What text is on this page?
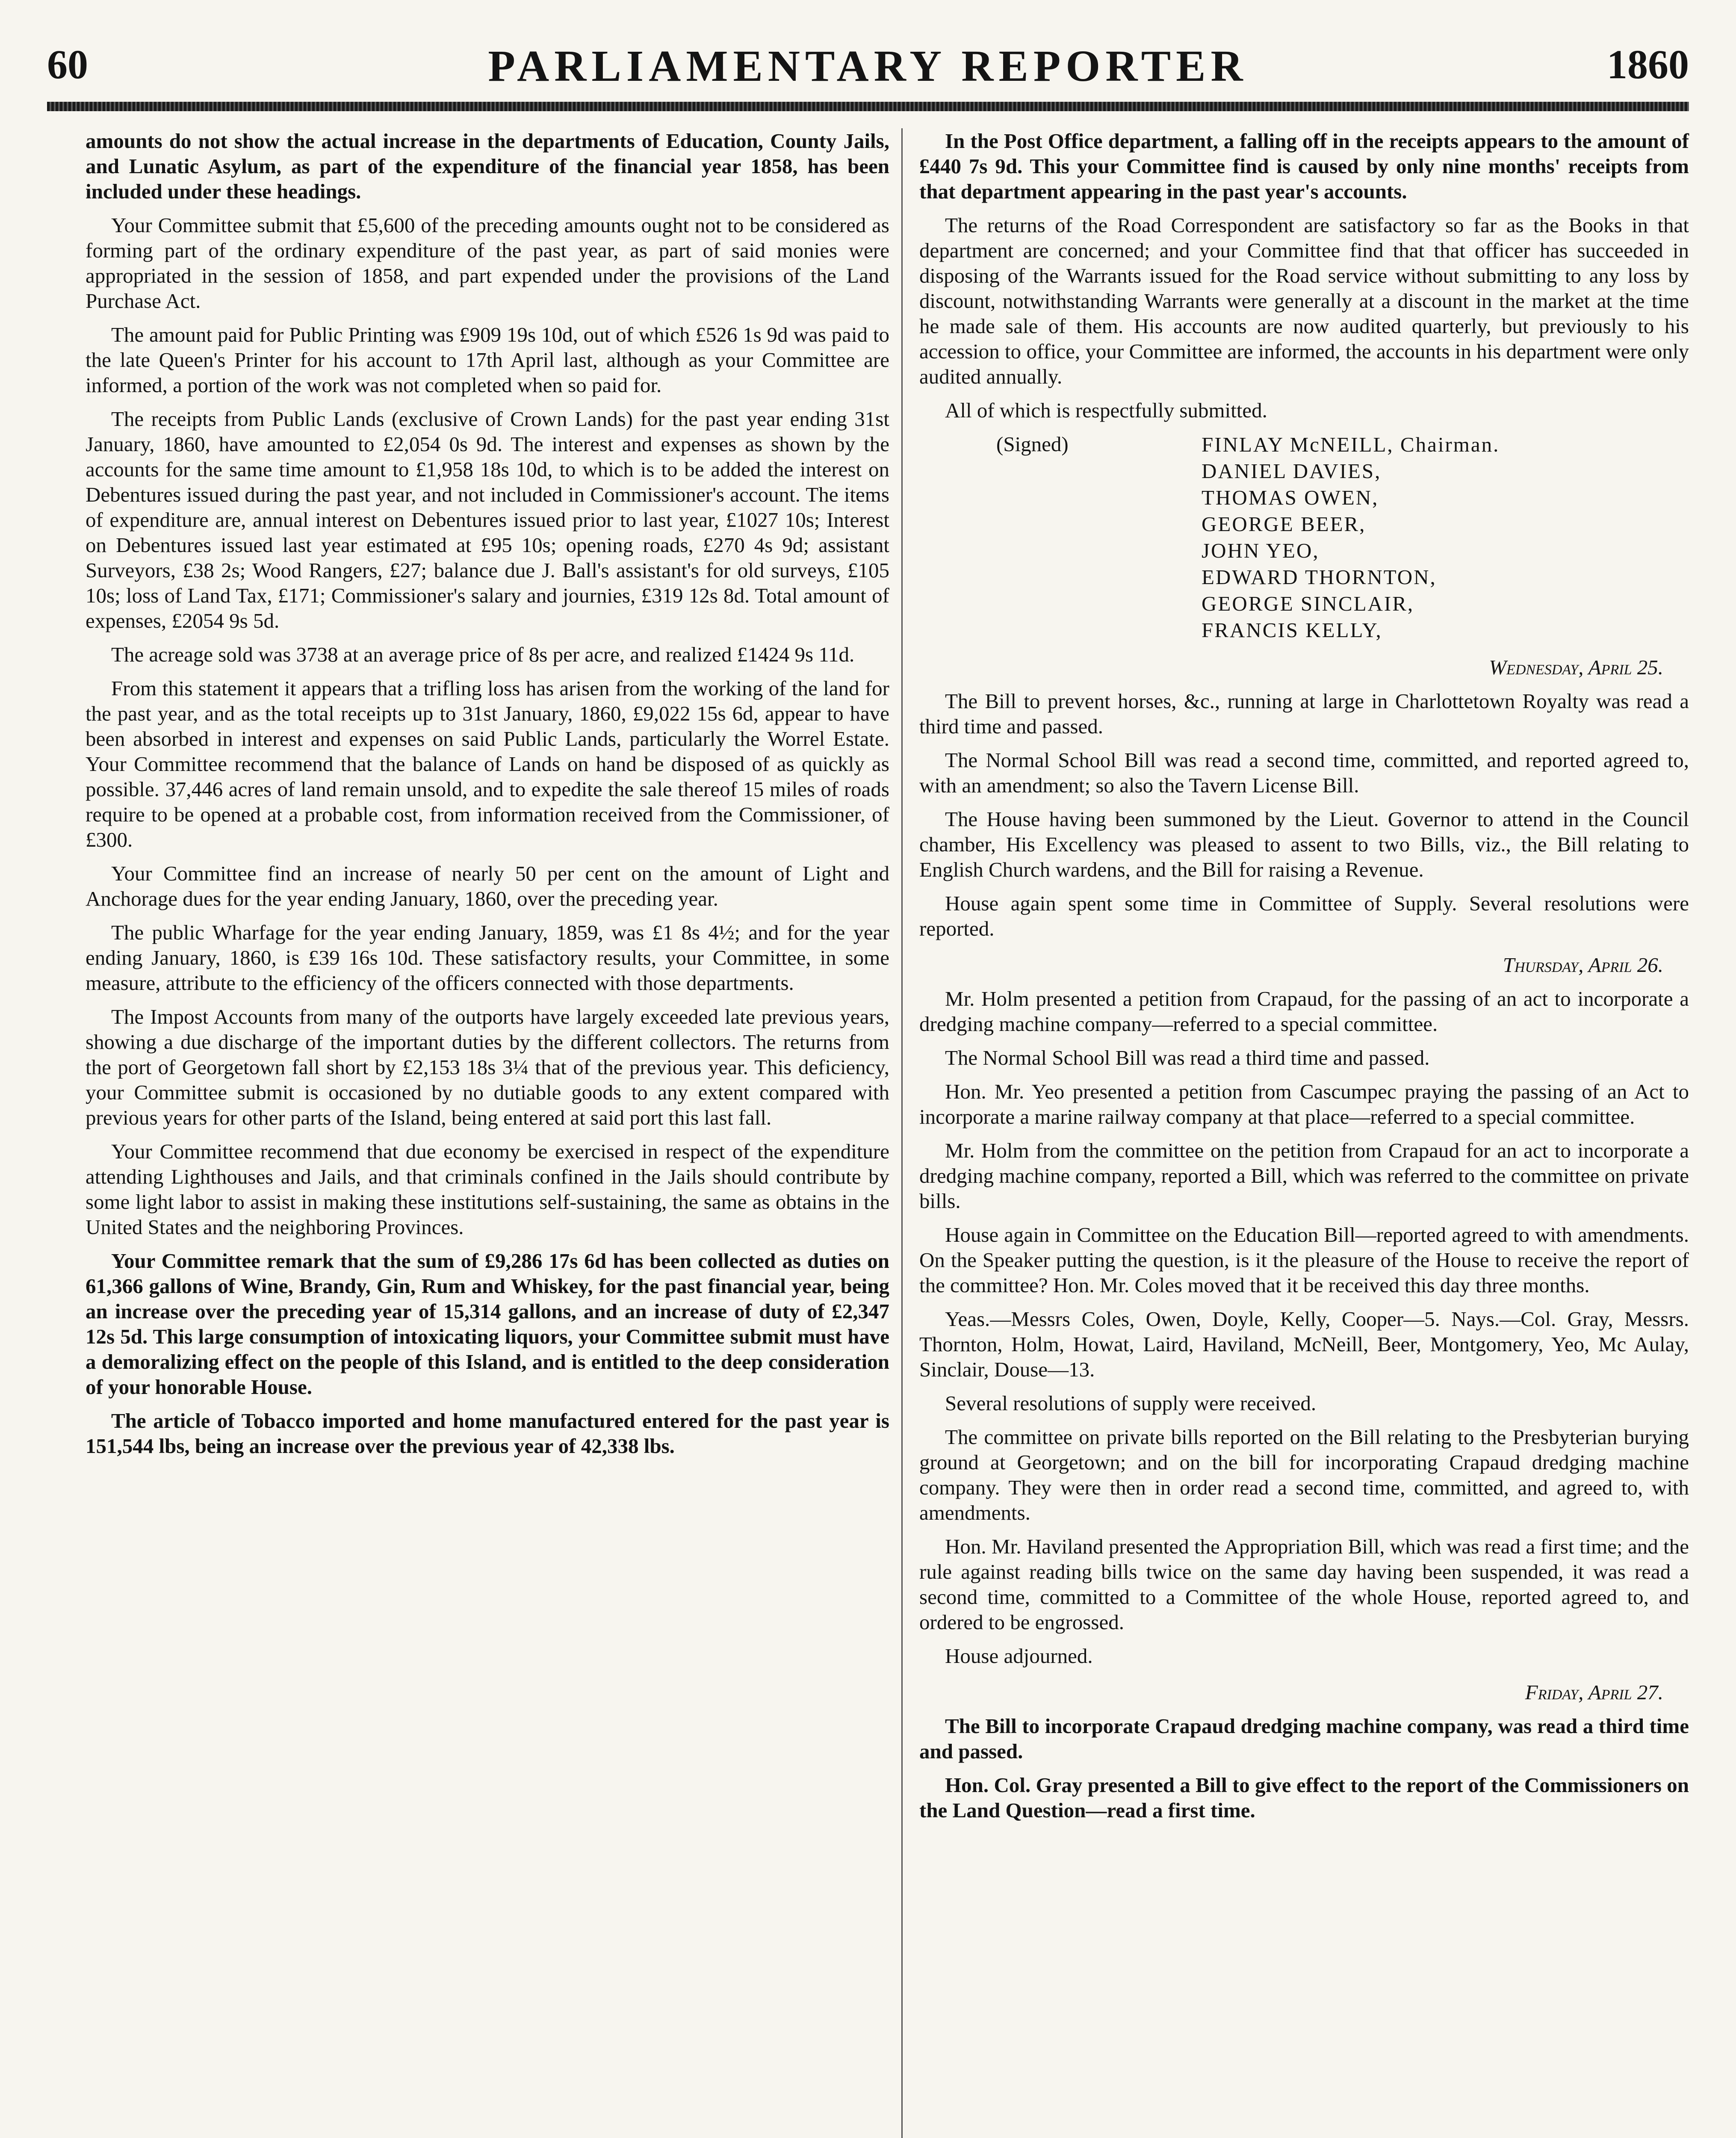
60	PARLIAMENTARY REPORTER	1860

amounts do not show the actual increase in the departments of Education, County Jails, and Lunatic Asylum, as part of the expenditure of the financial year 1858, has been included under these headings.

Your Committee submit that £5,600 of the preceding amounts ought not to be considered as forming part of the ordinary expenditure of the past year, as part of said monies were appropriated in the session of 1858, and part expended under the provisions of the Land Purchase Act.

The amount paid for Public Printing was £909 19s 10d, out of which £526 1s 9d was paid to the late Queen's Printer for his account to 17th April last, although as your Committee are informed, a portion of the work was not completed when so paid for.

The receipts from Public Lands (exclusive of Crown Lands) for the past year ending 31st January, 1860, have amounted to £2,054 0s 9d. The interest and expenses as shown by the accounts for the same time amount to £1,958 18s 10d, to which is to be added the interest on Debentures issued during the past year, and not included in Commissioner's account. The items of expenditure are, annual interest on Debentures issued prior to last year, £1027 10s; Interest on Debentures issued last year estimated at £95 10s; opening roads, £270 4s 9d; assistant Surveyors, £38 2s; Wood Rangers, £27; balance due J. Ball's assistant's for old surveys, £105 10s; loss of Land Tax, £171; Commissioner's salary and journies, £319 12s 8d. Total amount of expenses, £2054 9s 5d.

The acreage sold was 3738 at an average price of 8s per acre, and realized £1424 9s 11d.

From this statement it appears that a trifling loss has arisen from the working of the land for the past year, and as the total receipts up to 31st January, 1860, £9,022 15s 6d, appear to have been absorbed in interest and expenses on said Public Lands, particularly the Worrel Estate. Your Committee recommend that the balance of Lands on hand be disposed of as quickly as possible. 37,446 acres of land remain unsold, and to expedite the sale thereof 15 miles of roads require to be opened at a probable cost, from information received from the Commissioner, of £300.

Your Committee find an increase of nearly 50 per cent on the amount of Light and Anchorage dues for the year ending January, 1860, over the preceding year.

The public Wharfage for the year ending January, 1859, was £1 8s 4½; and for the year ending January, 1860, is £39 16s 10d. These satisfactory results, your Committee, in some measure, attribute to the efficiency of the officers connected with those departments.

The Impost Accounts from many of the outports have largely exceeded late previous years, showing a due discharge of the important duties by the different collectors. The returns from the port of Georgetown fall short by £2,153 18s 3¼ that of the previous year. This deficiency, your Committee submit is occasioned by no dutiable goods to any extent compared with previous years for other parts of the Island, being entered at said port this last fall.

Your Committee recommend that due economy be exercised in respect of the expenditure attending Lighthouses and Jails, and that criminals confined in the Jails should contribute by some light labor to assist in making these institutions self-sustaining, the same as obtains in the United States and the neighboring Provinces.

Your Committee remark that the sum of £9,286 17s 6d has been collected as duties on 61,366 gallons of Wine, Brandy, Gin, Rum and Whiskey, for the past financial year, being an increase over the preceding year of 15,314 gallons, and an increase of duty of £2,347 12s 5d. This large consumption of intoxicating liquors, your Committee submit must have a demoralizing effect on the people of this Island, and is entitled to the deep consideration of your honorable House.

The article of Tobacco imported and home manufactured entered for the past year is 151,544 lbs, being an increase over the previous year of 42,338 lbs.

In the Post Office department, a falling off in the receipts appears to the amount of £440 7s 9d. This your Committee find is caused by only nine months' receipts from that department appearing in the past year's accounts.

The returns of the Road Correspondent are satisfactory so far as the Books in that department are concerned; and your Committee find that that officer has succeeded in disposing of the Warrants issued for the Road service without submitting to any loss by discount, notwithstanding Warrants were generally at a discount in the market at the time he made sale of them. His accounts are now audited quarterly, but previously to his accession to office, your Committee are informed, the accounts in his department were only audited annually.

All of which is respectfully submitted.

(Signed)	FINLAY McNEILL, Chairman.
DANIEL DAVIES,
THOMAS OWEN,
GEORGE BEER,
JOHN YEO,
EDWARD THORNTON,
GEORGE SINCLAIR,
FRANCIS KELLY,

Wednesday, April 25.

The Bill to prevent horses, &c., running at large in Charlottetown Royalty was read a third time and passed.

The Normal School Bill was read a second time, committed, and reported agreed to, with an amendment; so also the Tavern License Bill.

The House having been summoned by the Lieut. Governor to attend in the Council chamber, His Excellency was pleased to assent to two Bills, viz., the Bill relating to English Church wardens, and the Bill for raising a Revenue.

House again spent some time in Committee of Supply. Several resolutions were reported.

Thursday, April 26.

Mr. Holm presented a petition from Crapaud, for the passing of an act to incorporate a dredging machine company—referred to a special committee.

The Normal School Bill was read a third time and passed.

Hon. Mr. Yeo presented a petition from Cascumpec praying the passing of an Act to incorporate a marine railway company at that place—referred to a special committee.

Mr. Holm from the committee on the petition from Crapaud for an act to incorporate a dredging machine company, reported a Bill, which was referred to the committee on private bills.

House again in Committee on the Education Bill—reported agreed to with amendments. On the Speaker putting the question, is it the pleasure of the House to receive the report of the committee? Hon. Mr. Coles moved that it be received this day three months.

Yeas.—Messrs Coles, Owen, Doyle, Kelly, Cooper—5. Nays.—Col. Gray, Messrs. Thornton, Holm, Howat, Laird, Haviland, McNeill, Beer, Montgomery, Yeo, Mc Aulay, Sinclair, Douse—13.

Several resolutions of supply were received.

The committee on private bills reported on the Bill relating to the Presbyterian burying ground at Georgetown; and on the bill for incorporating Crapaud dredging machine company. They were then in order read a second time, committed, and agreed to, with amendments.

Hon. Mr. Haviland presented the Appropriation Bill, which was read a first time; and the rule against reading bills twice on the same day having been suspended, it was read a second time, committed to a Committee of the whole House, reported agreed to, and ordered to be engrossed.

House adjourned.

Friday, April 27.

The Bill to incorporate Crapaud dredging machine company, was read a third time and passed.

Hon. Col. Gray presented a Bill to give effect to the report of the Commissioners on the Land Question—read a first time.
